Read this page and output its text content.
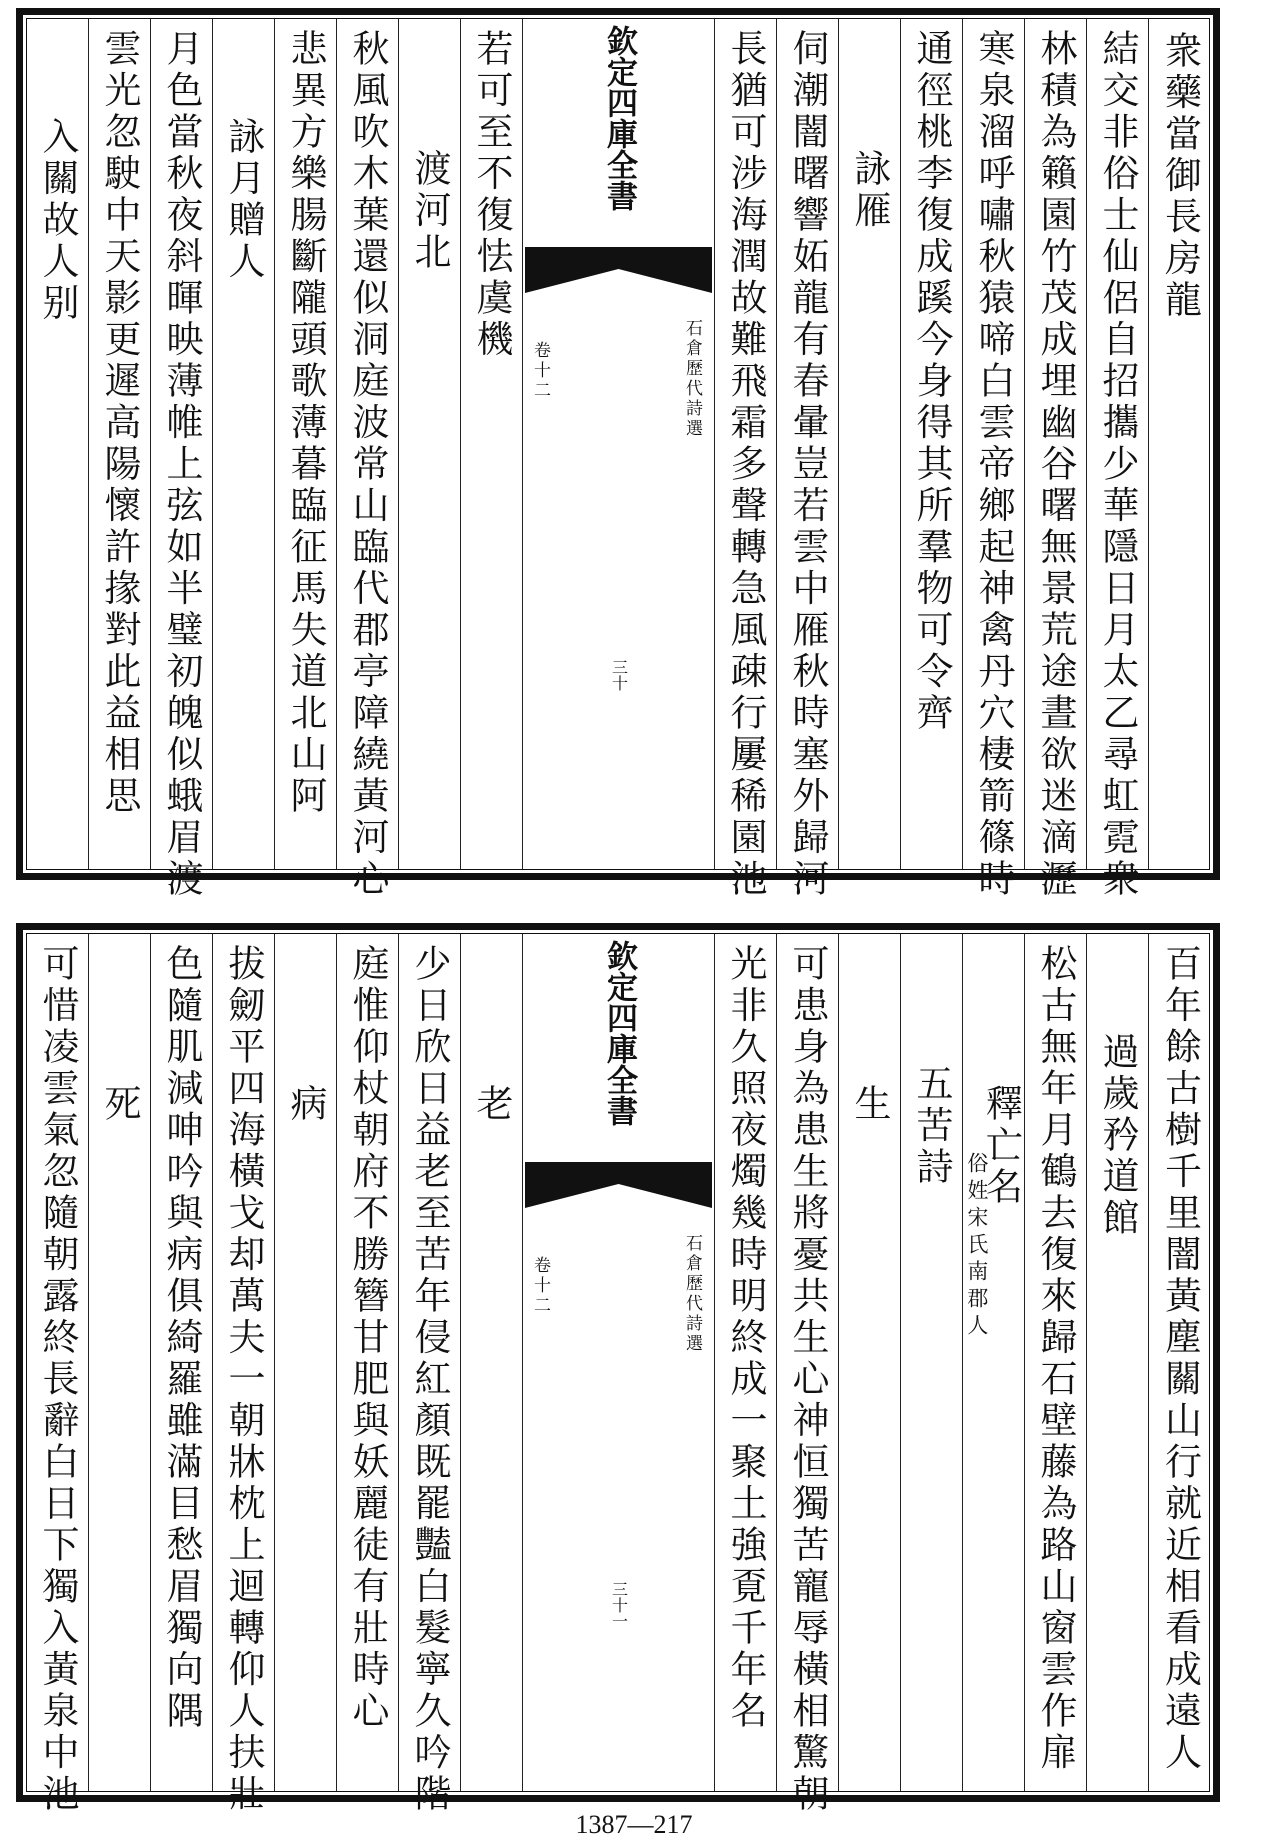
衆藥當御長房龍
結交非俗士仙侶自招攜少華隱日月太乙尋虹霓衆
林積為籟園竹茂成埋幽谷曙無景荒途晝欲迷滴瀝
寒泉溜呼嘯秋猿啼白雲帝鄉起神禽丹穴棲箭篠時
通徑桃李復成蹊今身得其所羣物可令齊
詠雁
伺潮闇曙響妬龍有春暈豈若雲中雁秋時塞外歸河
長猶可涉海潤故難飛霜多聲轉急風疎行屢稀園池
欽定四庫全書
石倉歷代詩選
卷十二
三十
若可至不復怯虞機
渡河北
秋風吹木葉還似洞庭波常山臨代郡亭障繞黃河心
悲異方樂腸斷隴頭歌薄暮臨征馬失道北山阿
詠月贈人
月色當秋夜斜暉映薄帷上弦如半璧初魄似蛾眉渡
雲光忽駛中天影更遲高陽懷許掾對此益相思
入關故人别
百年餘古樹千里闇黃塵關山行就近相看成遠人
過歲矜道館
松古無年月鶴去復來歸石壁藤為路山窗雲作扉
釋亡名
俗姓宋氏南郡人
五苦詩
生
可患身為患生將憂共生心神恒獨苦寵辱橫相驚朝
光非久照夜燭幾時明終成一聚土強覔千年名
欽定四庫全書
石倉歷代詩選
卷十二
三十一
老
少日欣日益老至苦年侵紅顏既罷豔白髮寧久吟階
庭惟仰杖朝府不勝簪甘肥與妖麗徒有壯時心
病
拔劒平四海橫戈却萬夫一朝牀枕上迴轉仰人扶壯
色隨肌減呻吟與病俱綺羅雖滿目愁眉獨向隅
死
可惜凌雲氣忽隨朝露終長辭白日下獨入黃泉中池
1387—217
